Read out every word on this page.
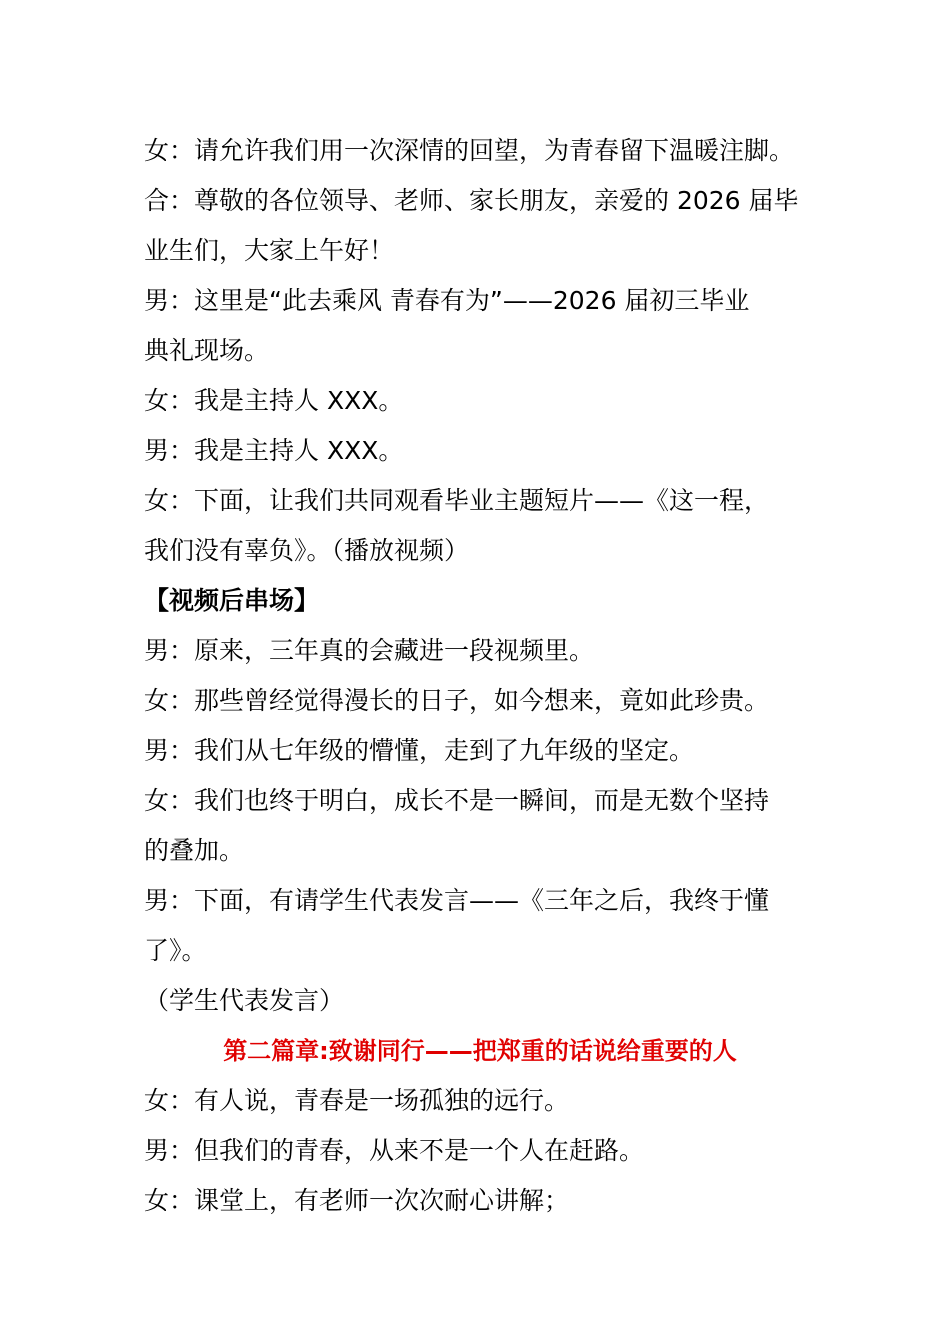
女：请允许我们用一次深情的回望，为青春留下温暖注脚。
合：尊敬的各位领导、老师、家长朋友，亲爱的 2026 届毕
业生们，大家上午好！
男：这里是“此去乘风 青春有为”——2026 届初三毕业
典礼现场。
女：我是主持人 XXX。
男：我是主持人 XXX。
女：下面，让我们共同观看毕业主题短片——《这一程，
我们没有辜负》。（播放视频）
【视频后串场】
男：原来，三年真的会藏进一段视频里。
女：那些曾经觉得漫长的日子，如今想来，竟如此珍贵。
男：我们从七年级的懵懂，走到了九年级的坚定。
女：我们也终于明白，成长不是一瞬间，而是无数个坚持
的叠加。
男：下面，有请学生代表发言——《三年之后，我终于懂
了》。
（学生代表发言）
第二篇章:致谢同行——把郑重的话说给重要的人
女：有人说，青春是一场孤独的远行。
男：但我们的青春，从来不是一个人在赶路。
女：课堂上，有老师一次次耐心讲解；
